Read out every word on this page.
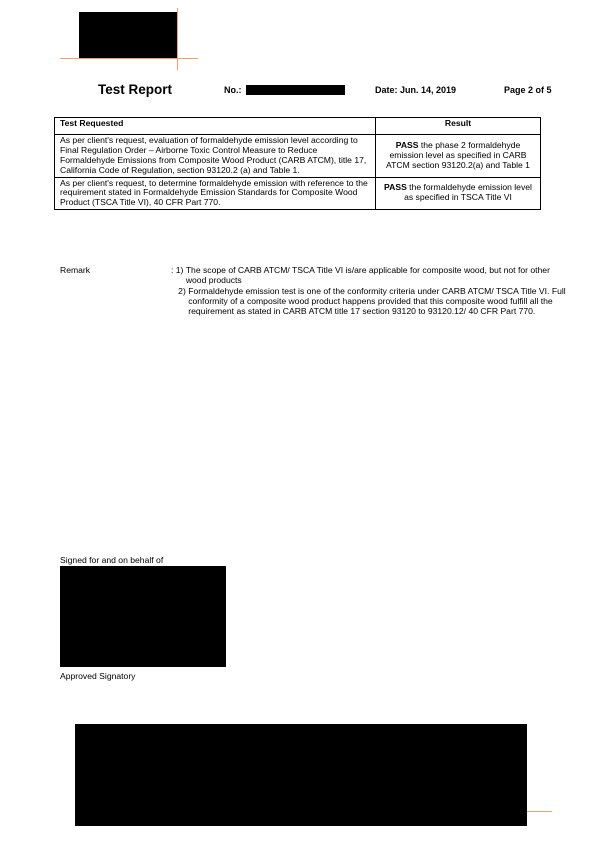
Test Report	No.:	Date: Jun. 14, 2019	Page 2 of 5
Test Requested	Result
As per client's request, evaluation of formaldehyde emission level according to Final Regulation Order – Airborne Toxic Control Measure to Reduce Formaldehyde Emissions from Composite Wood Product (CARB ATCM), title 17, California Code of Regulation, section 93120.2 (a) and Table 1.	PASS the phase 2 formaldehyde emission level as specified in CARB ATCM section 93120.2(a) and Table 1
As per client's request, to determine formaldehyde emission with reference to the requirement stated in Formaldehyde Emission Standards for Composite Wood Product (TSCA Title VI), 40 CFR Part 770.	PASS the formaldehyde emission level as specified in TSCA Title VI
Remark	: 1) The scope of CARB ATCM/ TSCA Title VI is/are applicable for composite wood, but not for other wood products
2) Formaldehyde emission test is one of the conformity criteria under CARB ATCM/ TSCA Title VI. Full conformity of a composite wood product happens provided that this composite wood fulfill all the requirement as stated in CARB ATCM title 17 section 93120 to 93120.12/ 40 CFR Part 770.
Signed for and on behalf of
Approved Signatory
